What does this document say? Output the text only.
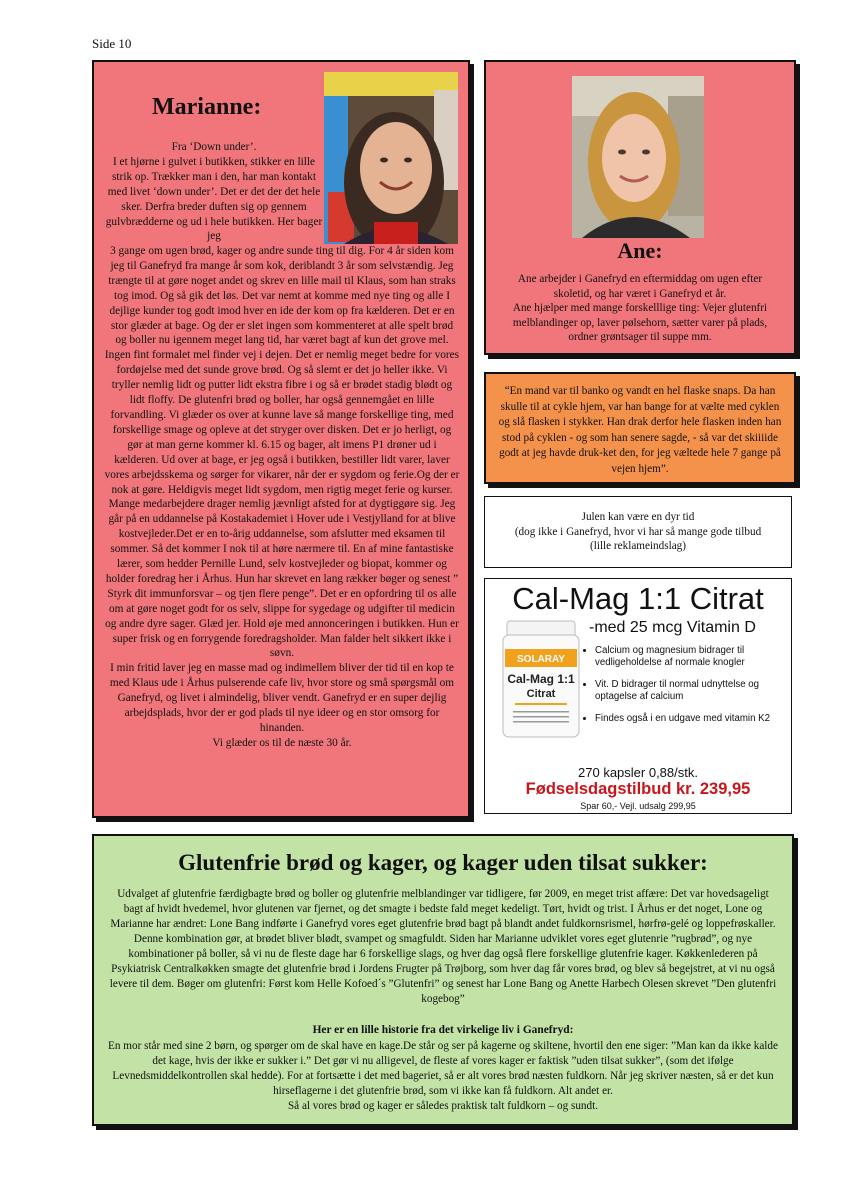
Side 10
Marianne:
Fra ‘Down under’.
I et hjørne i gulvet i butikken, stikker en lille strik op. Trækker man i den, har man kontakt med livet ‘down under’. Det er det der det hele sker. Derfra breder duften sig op gennem gulvbrædderne og ud i hele butikken. Her bager jeg
3 gange om ugen brød, kager og andre sunde ting til dig. For 4 år siden kom jeg til Ganefryd fra mange år som kok, deriblandt 3 år som selvstændig. Jeg trængte til at gøre noget andet og skrev en lille mail til Klaus, som han straks tog imod. Og så gik det løs. Det var nemt at komme med nye ting og alle I dejlige kunder tog godt imod hver en ide der kom op fra kælderen. Det er en stor glæder at bage. Og der er slet ingen som kommenteret at alle spelt brød og boller nu igennem meget lang tid, har været bagt af kun det grove mel. Ingen fint formalet mel finder vej i dejen. Det er nemlig meget bedre for vores fordøjelse med det sunde grove brød. Og så slemt er det jo heller ikke. Vi tryller nemlig lidt og putter lidt ekstra fibre i og så er brødet stadig blødt og lidt floffy. De glutenfri brød og boller, har også gennemgået en lille forvandling. Vi glæder os over at kunne lave så mange forskellige ting, med forskellige smage og opleve at det stryger over disken. Det er jo herligt, og gør at man gerne kommer kl. 6.15 og bager, alt imens P1 drøner ud i kælderen. Ud over at bage, er jeg også i butikken, bestiller lidt varer, laver vores arbejdsskema og sørger for vikarer, når der er sygdom og ferie.Og der er nok at gøre. Heldigvis meget lidt sygdom, men rigtig meget ferie og kurser. Mange medarbejdere drager nemlig jævnligt afsted for at dygtiggøre sig. Jeg går på en uddannelse på Kostakademiet i Hover ude i Vestjylland for at blive kostvejleder.Det er en to-årig uddannelse, som afslutter med eksamen til sommer. Så det kommer I nok til at høre nærmere til. En af mine fantastiske lærer, som hedder Pernille Lund, selv kostvejleder og biopat, kommer og holder foredrag her i Århus. Hun har skrevet en lang rækker bøger og senest ” Styrk dit immunforsvar – og tjen flere penge”. Det er en opfordring til os alle om at gøre noget godt for os selv, slippe for sygedage og udgifter til medicin og andre dyre sager. Glæd jer. Hold øje med annonceringen i butikken. Hun er super frisk og en forrygende foredragsholder. Man falder helt sikkert ikke i søvn.
I min fritid laver jeg en masse mad og indimellem bliver der tid til en kop te med Klaus ude i Århus pulserende cafe liv, hvor store og små spørgsmål om Ganefryd, og livet i almindelig, bliver vendt. Ganefryd er en super dejlig arbejdsplads, hvor der er god plads til nye ideer og en stor omsorg for hinanden.
Vi glæder os til de næste 30 år.
Ane:
Ane arbejder i Ganefryd en eftermiddag om ugen efter skoletid, og har været i Ganefryd et år.
Ane hjælper med mange forskelllige ting: Vejer glutenfri melblandinger op, laver pølsehorn, sætter varer på plads, ordner grøntsager til suppe mm.
“En mand var til banko og vandt en hel flaske snaps. Da han skulle til at cykle hjem, var han bange for at vælte med cyklen og slå flasken i stykker. Han drak derfor hele flasken inden han stod på cyklen - og som han senere sagde, - så var det skiiiide godt at jeg havde druk-ket den, for jeg væltede hele 7 gange på vejen hjem”.
Julen kan være en dyr tid
(dog ikke i Ganefryd, hvor vi har så mange gode tilbud
(lille reklameindslag)
Cal-Mag 1:1 Citrat
-med 25 mcg Vitamin D
SOLARAY
Cal-Mag 1:1
Citrat
• Calcium og magnesium bidrager til vedligeholdelse af normale knogler
• Vit. D bidrager til normal udnyttelse og optagelse af calcium
• Findes også i en udgave med vitamin K2
270 kapsler 0,88/stk.
Fødselsdagstilbud kr. 239,95
Spar 60,- Vejl. udsalg 299,95
Glutenfrie brød og kager, og kager uden tilsat sukker:
Udvalget af glutenfrie færdigbagte brød og boller og glutenfrie melblandinger var tidligere, før 2009, en meget trist affære: Det var hovedsageligt bagt af hvidt hvedemel, hvor glutenen var fjernet, og det smagte i bedste fald meget kedeligt. Tørt, hvidt og trist. I Århus er det noget, Lone og Marianne har ændret: Lone Bang indførte i Ganefryd vores eget glutenfrie brød bagt på blandt andet fuldkornsrismel, hørfrø-gelé og loppefrøskaller. Denne kombination gør, at brødet bliver blødt, svampet og smagfuldt. Siden har Marianne udviklet vores eget glutenrie ”rugbrød”, og nye kombinationer på boller, så vi nu de fleste dage har 6 forskellige slags, og hver dag også flere forskellige glutenfrie kager. Køkkenlederen på Psykiatrisk Centralkøkken smagte det glutenfrie brød i Jordens Frugter på Trøjborg, som hver dag får vores brød, og blev så begejstret, at vi nu også levere til dem. Bøger om glutenfri: Først kom Helle Kofoed´s ”Glutenfri” og senest har Lone Bang og Anette Harbech Olesen skrevet ”Den glutenfri kogebog”
Her er en lille historie fra det virkelige liv i Ganefryd:
En mor står med sine 2 børn, og spørger om de skal have en kage.De står og ser på kagerne og skiltene, hvortil den ene siger: ”Man kan da ikke kalde det kage, hvis der ikke er sukker i.” Det gør vi nu alligevel, de fleste af vores kager er faktisk ”uden tilsat sukker”, (som det ifølge Levnedsmiddelkontrollen skal hedde). For at fortsætte i det med bageriet, så er alt vores brød næsten fuldkorn. Når jeg skriver næsten, så er det kun hirseflagerne i det glutenfrie brød, som vi ikke kan få fuldkorn. Alt andet er.
Så al vores brød og kager er således praktisk talt fuldkorn – og sundt.
